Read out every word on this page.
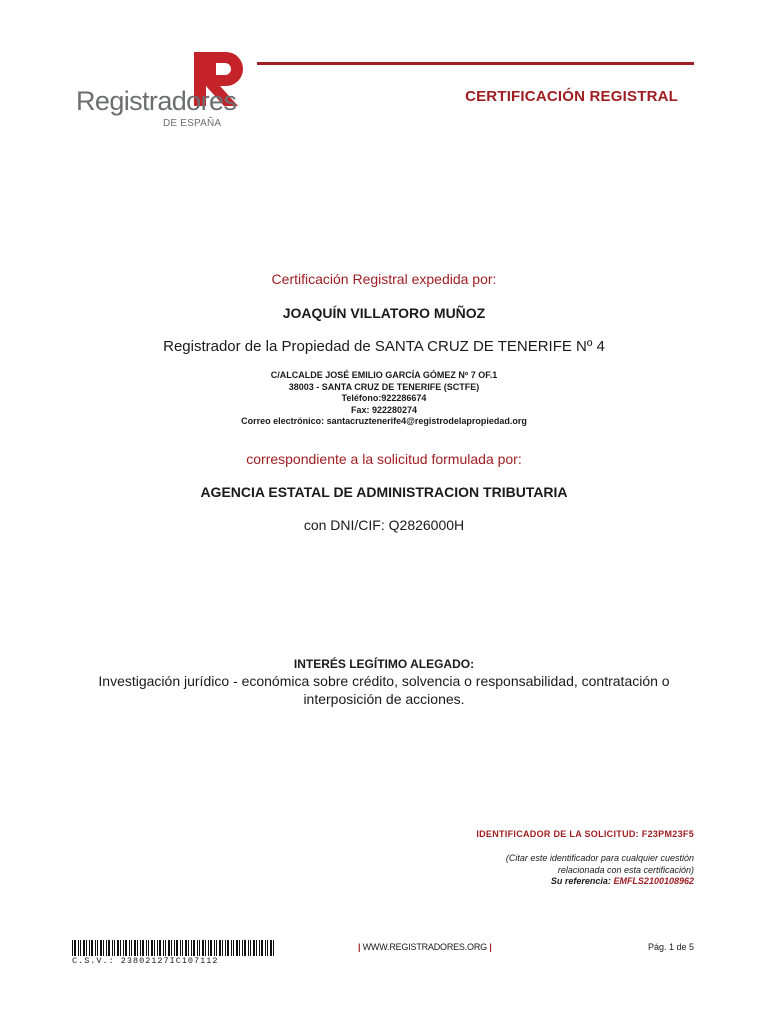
Registradores
DE ESPAÑA
CERTIFICACIÓN REGISTRAL
Certificación Registral expedida por:
JOAQUÍN VILLATORO MUÑOZ
Registrador de la Propiedad de SANTA CRUZ DE TENERIFE Nº 4
C/ALCALDE JOSÉ EMILIO GARCÍA GÓMEZ Nº 7 OF.1
38003 - SANTA CRUZ DE TENERIFE (SCTFE)
Teléfono:922286674
Fax: 922280274
Correo electrónico: santacruztenerife4@registrodelapropiedad.org
correspondiente a la solicitud formulada por:
AGENCIA ESTATAL DE ADMINISTRACION TRIBUTARIA
con DNI/CIF: Q2826000H
INTERÉS LEGÍTIMO ALEGADO:
Investigación jurídico - económica sobre crédito, solvencia o responsabilidad, contratación o interposición de acciones.
IDENTIFICADOR DE LA SOLICITUD: F23PM23F5
(Citar este identificador para cualquier cuestión
relacionada con esta certificación)
Su referencia: EMFLS2100108962
C.S.V.: 23802127IC107112
| WWW.REGISTRADORES.ORG |	Pág. 1 de 5
